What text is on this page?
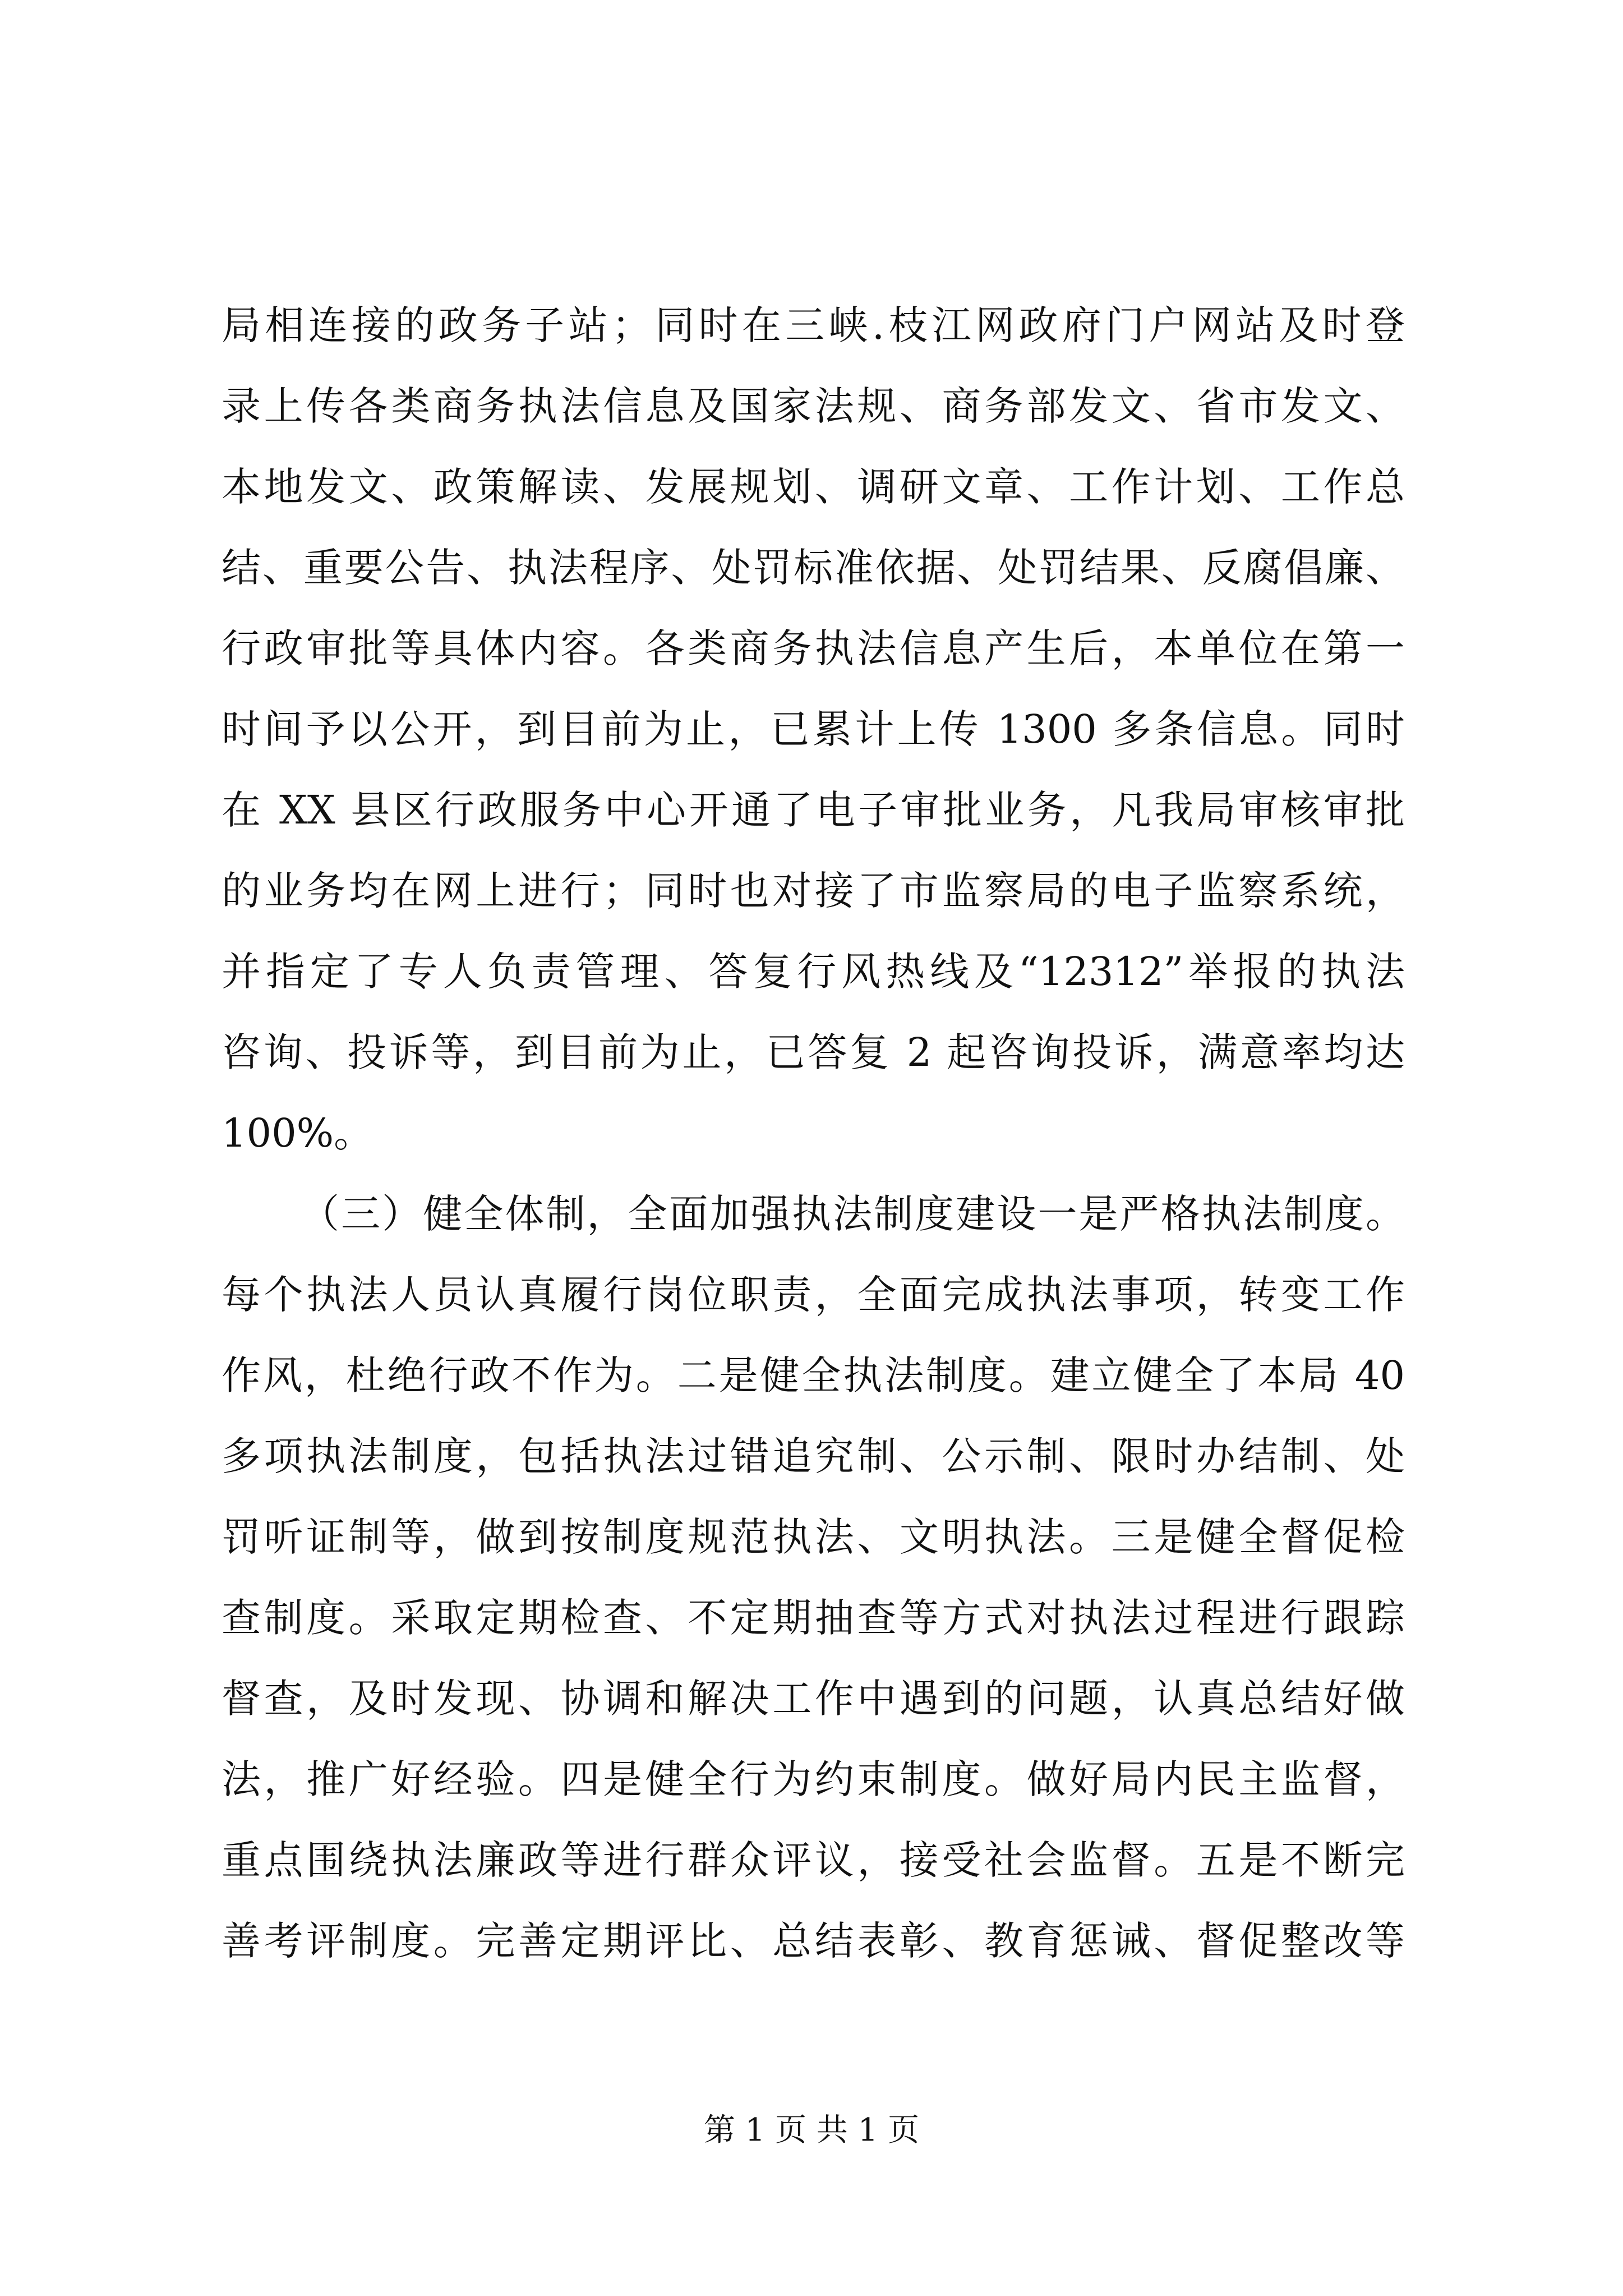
局相连接的政务子站；同时在三峡.枝江网政府门户网站及时登
录上传各类商务执法信息及国家法规、商务部发文、省市发文、
本地发文、政策解读、发展规划、调研文章、工作计划、工作总
结、重要公告、执法程序、处罚标准依据、处罚结果、反腐倡廉、
行政审批等具体内容。各类商务执法信息产生后，本单位在第一
时间予以公开，到目前为止，已累计上传 1300 多条信息。同时
在 XX 县区行政服务中心开通了电子审批业务，凡我局审核审批
的业务均在网上进行；同时也对接了市监察局的电子监察系统，
并指定了专人负责管理、答复行风热线及“12312”举报的执法
咨询、投诉等，到目前为止，已答复 2 起咨询投诉，满意率均达
100%。
（三）健全体制，全面加强执法制度建设一是严格执法制度。
每个执法人员认真履行岗位职责，全面完成执法事项，转变工作
作风，杜绝行政不作为。二是健全执法制度。建立健全了本局 40
多项执法制度，包括执法过错追究制、公示制、限时办结制、处
罚听证制等，做到按制度规范执法、文明执法。三是健全督促检
查制度。采取定期检查、不定期抽查等方式对执法过程进行跟踪
督查，及时发现、协调和解决工作中遇到的问题，认真总结好做
法，推广好经验。四是健全行为约束制度。做好局内民主监督，
重点围绕执法廉政等进行群众评议，接受社会监督。五是不断完
善考评制度。完善定期评比、总结表彰、教育惩诫、督促整改等
第 1 页 共 1 页
